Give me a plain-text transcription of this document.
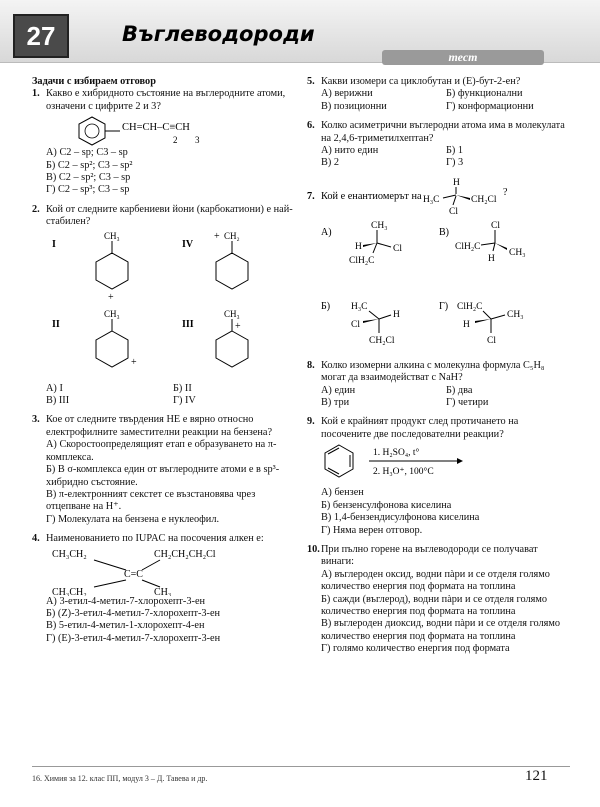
27	Въглеводороди
тест
Задачи с избираем отговор
1. Какво е хибридното състояние на въглеродните атоми, означени с цифрите 2 и 3?
CH=CH–C≡CH
2 3
А) C2 – sp; C3 – sp
Б) C2 – sp²; C3 – sp²
В) C2 – sp²; C3 – sp
Г) C2 – sp³; C3 – sp
2. Кой от следните карбениеви йони (карбокатиони) е най-стабилен?
I
CH₃
+
IV
+ CH₂
II
CH₃
+
III
CH₃
+
А) I	Б) II
В) III	Г) IV
3. Кое от следните твърдения НЕ е вярно относно електрофилните заместителни реакции на бензена?
А) Скоростоопределящият етап е образуването на π-комплекса.
Б) В σ-комплекса един от въглеродните атоми е в sp³-хибридно състояние.
В) π-електронният секстет се възстановява чрез отцепване на H⁺.
Г) Молекулата на бензена е нуклеофил.
4. Наименованието по IUPAC на посочения алкен е:
CH₃CH₂	CH₂CH₂CH₂Cl
C=C
CH₃CH₂	CH₃
А) 3-етил-4-метил-7-хлорохепт-3-ен
Б) (Z)-3-етил-4-метил-7-хлорохепт-3-ен
В) 5-етил-4-метил-1-хлорохепт-4-ен
Г) (E)-3-етил-4-метил-7-хлорохепт-3-ен
5. Какви изомери са циклобутан и (E)-бут-2-ен?
А) верижни	Б) функционални
В) позиционни	Г) конформационни
6. Колко асиметрични въглеродни атома има в молекулата на 2,4,6-триметилхептан?
А) нито един	Б) 1
В) 2	Г) 3
7. Кой е енантиомерът на
H
H₃C	CH₂Cl
Cl
?
А)
CH₃
H	Cl
ClH₂C
В)
Cl
ClH₂C
CH₃
H
Б) H₃C
Cl
H
CH₂Cl
Г) ClH₂C
H
CH₃
Cl
8. Колко изомерни алкина с молекулна формула C₅H₈ могат да взаимодействат с NaH?
А) един	Б) два
В) три	Г) четири
9. Кой е крайният продукт след протичането на посочените две последователни реакции?
1. H₂SO₄, t°
2. H₃O⁺, 100°C
А) бензен
Б) бензенсулфонова киселина
В) 1,4-бензендисулфонова киселина
Г) Няма верен отговор.
10. При пълно горене на въглеводороди се получават винаги:
А) въглероден оксид, водни пàри и се отделя голямо количество енергия под формата на топлина
Б) сажди (въглерод), водни пàри и се отделя голямо количество енергия под формата на топлина
В) въглероден диоксид, водни пàри и се отделя голямо количество енергия под формата на топлина
Г) голямо количество енергия под формата
16. Химия за 12. клас ПП, модул 3 – Д. Тавева и др.	121
